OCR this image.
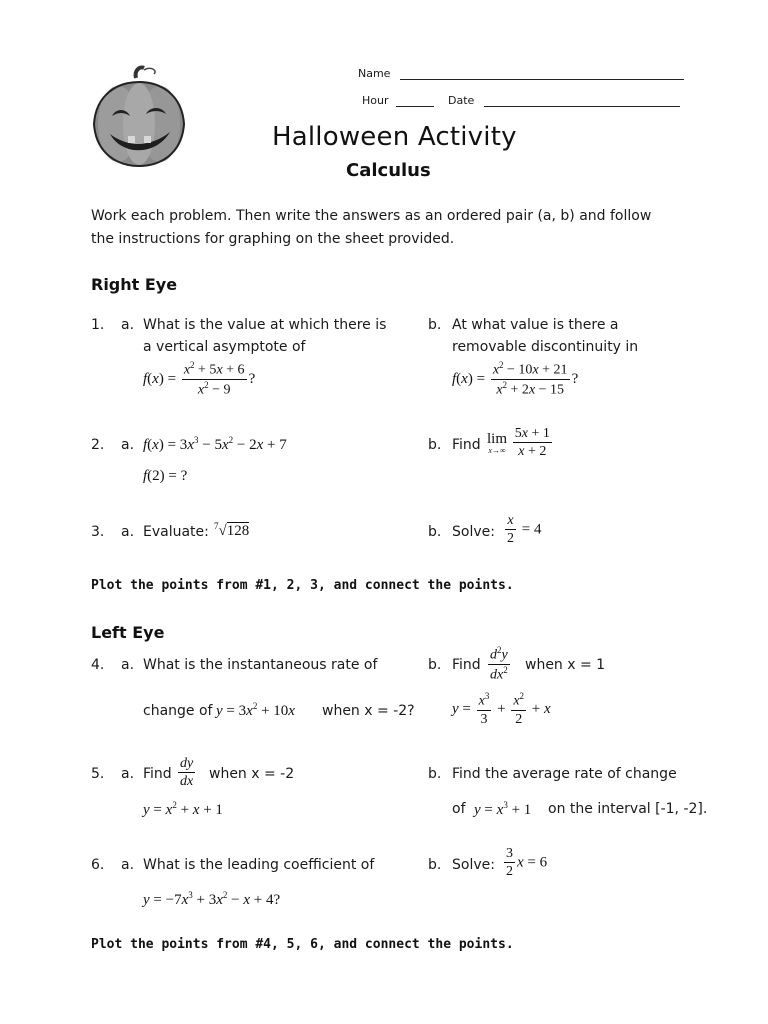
Name
Hour	Date
Halloween Activity
Calculus
Work each problem. Then write the answers as an ordered pair (a, b) and follow
the instructions for graphing on the sheet provided.
Right Eye
1. a. What is the value at which there is
a vertical asymptote of
$f(x) = \frac{x^2 + 5x + 6}{x^2 - 9}$ ?
b. At what value is there a
removable discontinuity in
$f(x) = \frac{x^2 - 10x + 21}{x^2 + 2x - 15}$ ?
2. a. $f(x) = 3x^3 - 5x^2 - 2x + 7$
f(2) = ?
b. Find lim
x→∞
$\frac{5x + 1}{x + 2}$
3. a. Evaluate: $^7$√128	b. Solve: $\frac{x}{2} = 4$
Plot the points from #1, 2, 3, and connect the points.
Left Eye
4. a. What is the instantaneous rate of
change of $y = 3x^2 + 10x$ when x = -2?
b. Find $\frac{d^2y}{dx^2}$ when x = 1
$y = \frac{x^3}{3} + \frac{x^2}{2} + x$
5. a. Find $\frac{dy}{dx}$ when x = -2
$y = x^2 + x + 1$
b. Find the average rate of change
of $y = x^3 + 1$ on the interval [-1, -2].
6. a. What is the leading coefficient of
$y = -7x^3 + 3x^2 - x + 4$?
b. Solve: $\frac{3}{2}$ x = 6
Plot the points from #4, 5, 6, and connect the points.
